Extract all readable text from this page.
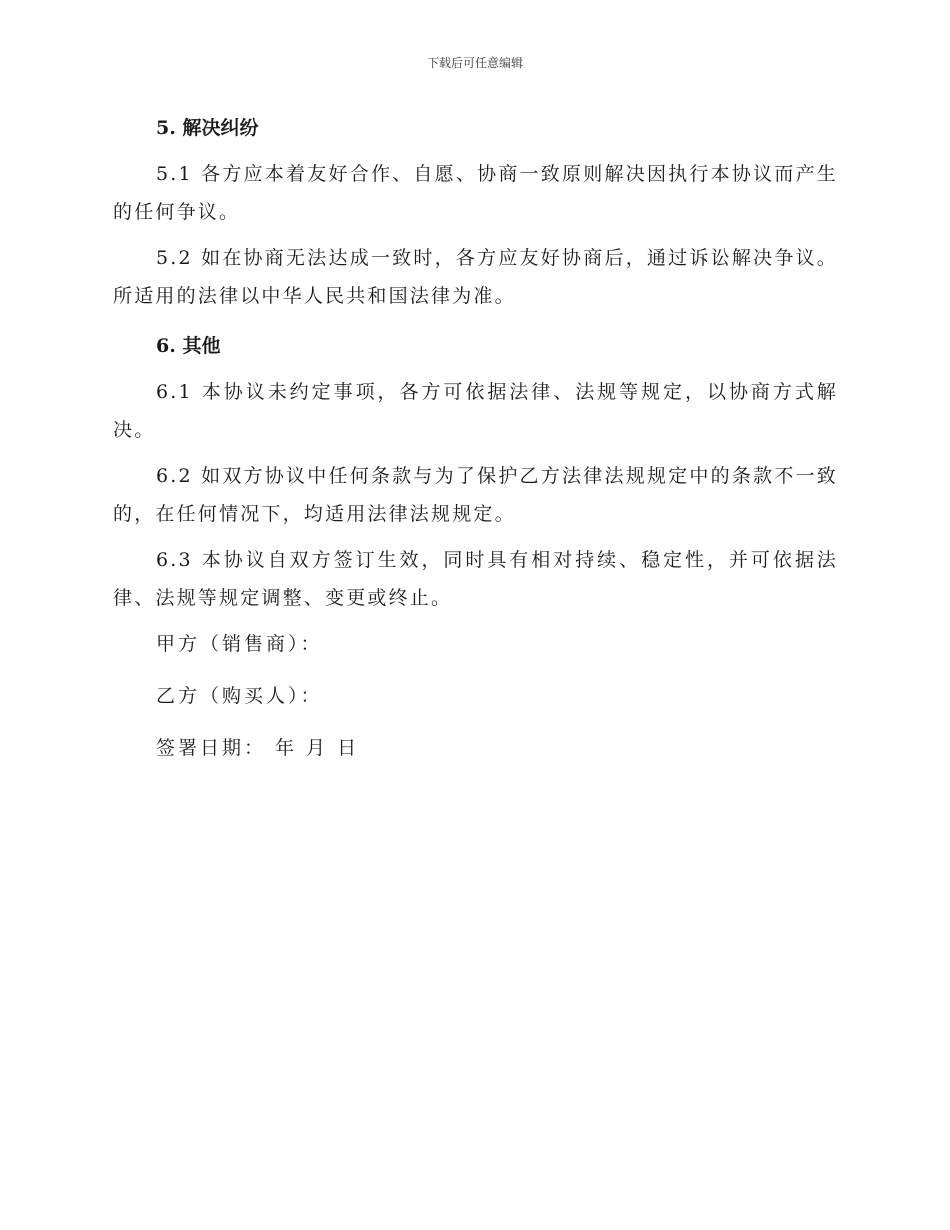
下载后可任意编辑
5. 解决纠纷

5.1 各方应本着友好合作、自愿、协商一致原则解决因执行本协议而产生的任何争议。

5.2 如在协商无法达成一致时，各方应友好协商后，通过诉讼解决争议。所适用的法律以中华人民共和国法律为准。

6. 其他

6.1 本协议未约定事项，各方可依据法律、法规等规定，以协商方式解决。

6.2 如双方协议中任何条款与为了保护乙方法律法规规定中的条款不一致的，在任何情况下，均适用法律法规规定。

6.3 本协议自双方签订生效，同时具有相对持续、稳定性，并可依据法律、法规等规定调整、变更或终止。

甲方（销售商）：

乙方（购买人）：

签署日期： 年 月 日
